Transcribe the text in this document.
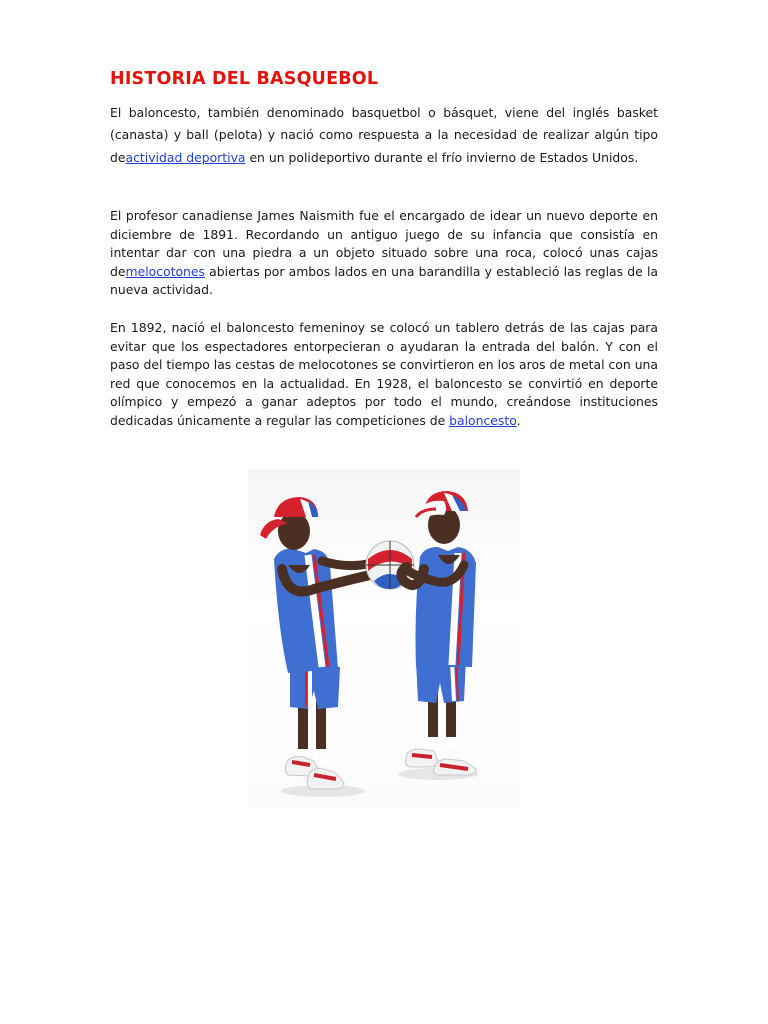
HISTORIA DEL BASQUEBOL

El baloncesto, también denominado basquetbol o básquet, viene del inglés basket (canasta) y ball (pelota) y nació como respuesta a la necesidad de realizar algún tipo deactividad deportiva en un polideportivo durante el frío invierno de Estados Unidos.

El profesor canadiense James Naismith fue el encargado de idear un nuevo deporte en diciembre de 1891. Recordando un antiguo juego de su infancia que consistía en intentar dar con una piedra a un objeto situado sobre una roca, colocó unas cajas demelocotones abiertas por ambos lados en una barandilla y estableció las reglas de la nueva actividad.

En 1892, nació el baloncesto femeninoy se colocó un tablero detrás de las cajas para evitar que los espectadores entorpecieran o ayudaran la entrada del balón. Y con el paso del tiempo las cestas de melocotones se convirtieron en los aros de metal con una red que conocemos en la actualidad. En 1928, el baloncesto se convirtió en deporte olímpico y empezó a ganar adeptos por todo el mundo, creándose instituciones dedicadas únicamente a regular las competiciones de baloncesto.
